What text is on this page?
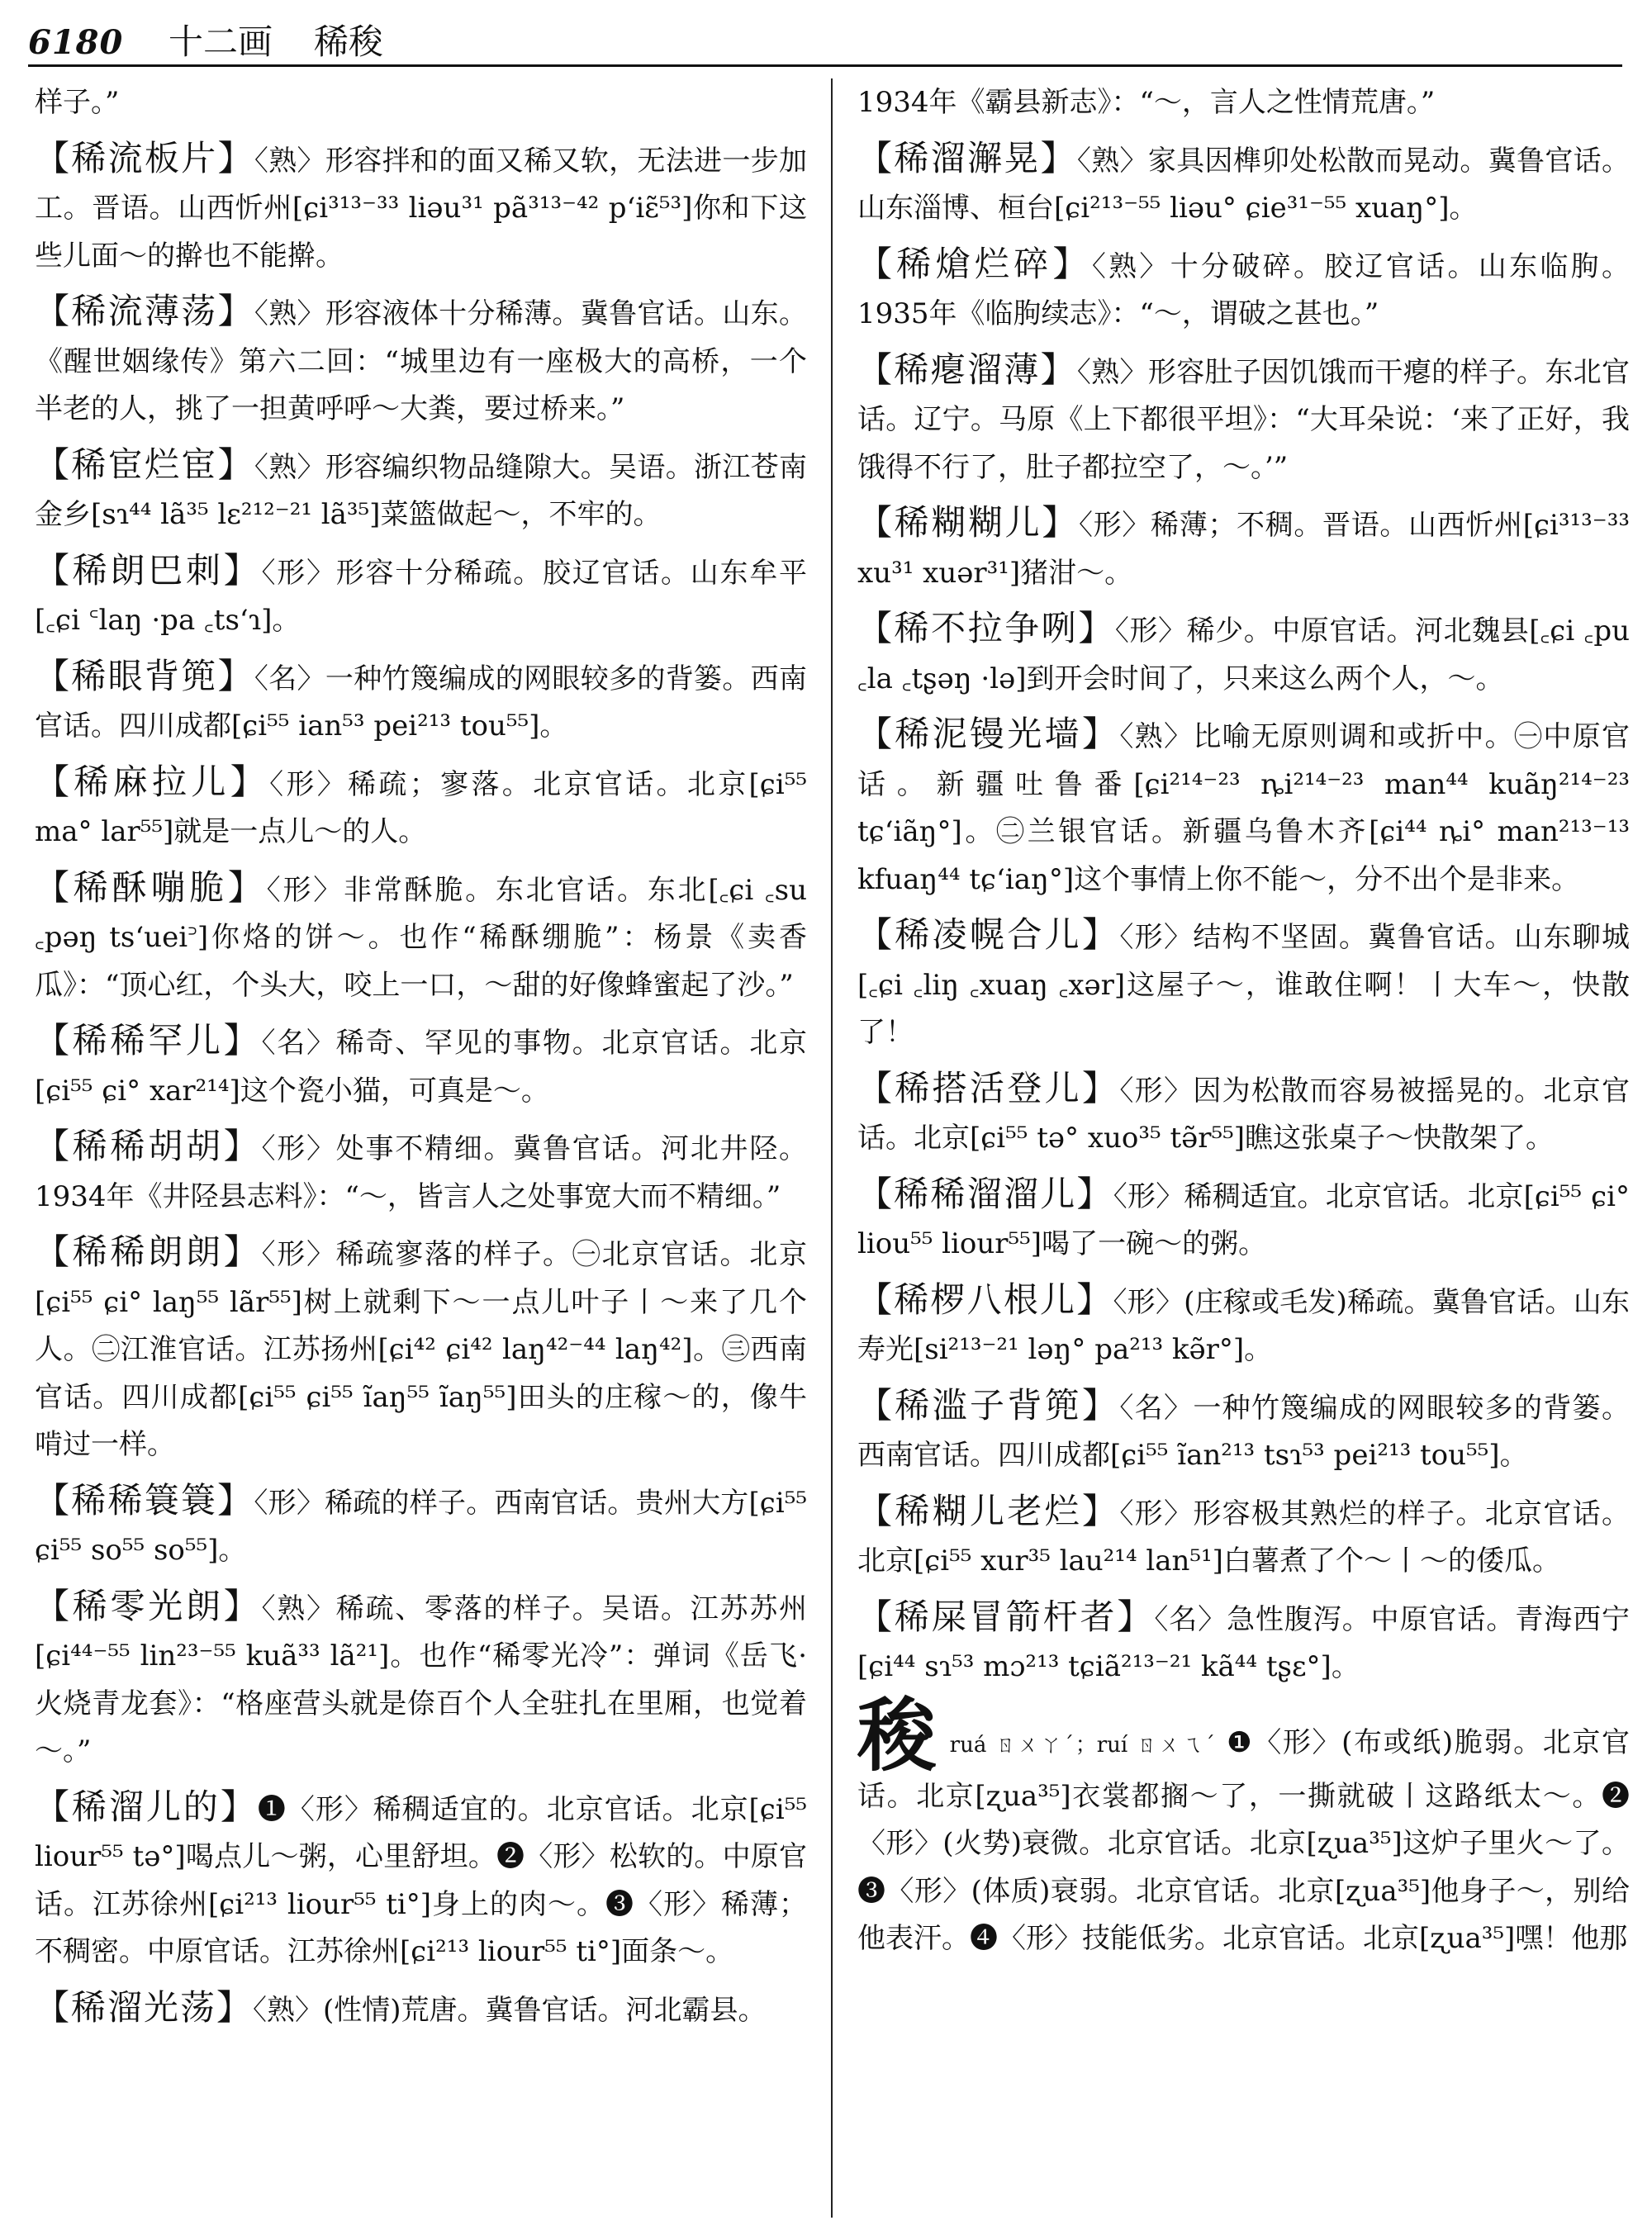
6180	十二画 稀稄
样子。”
【稀流板片】〈熟〉形容拌和的面又稀又软，无法进一步加工。晋语。山西忻州[ɕi³¹³⁻³³ liəu³¹ pã³¹³⁻⁴² p‘iɛ̃⁵³]你和下这些儿面～的擀也不能擀。
【稀流薄荡】〈熟〉形容液体十分稀薄。冀鲁官话。山东。《醒世姻缘传》第六二回：“城里边有一座极大的高桥，一个半老的人，挑了一担黄呼呼～大粪，要过桥来。”
【稀宦烂宦】〈熟〉形容编织物品缝隙大。吴语。浙江苍南金乡[sɿ⁴⁴ lã³⁵ lɛ²¹²⁻²¹ lã³⁵]菜篮做起～，不牢的。
【稀朗巴刺】〈形〉形容十分稀疏。胶辽官话。山东牟平[꜀ɕi ꜂laŋ ·pa ꜀ts‘ɿ]。
【稀眼背篼】〈名〉一种竹篾编成的网眼较多的背篓。西南官话。四川成都[ɕi⁵⁵ ian⁵³ pei²¹³ tou⁵⁵]。
【稀麻拉儿】〈形〉稀疏；寥落。北京官话。北京[ɕi⁵⁵ ma° lar⁵⁵]就是一点儿～的人。
【稀酥嘣脆】〈形〉非常酥脆。东北官话。东北[꜀ɕi ꜀su ꜀pəŋ ts‘uei꜄]你烙的饼～。也作“稀酥绷脆”：杨景《卖香瓜》：“顶心红，个头大，咬上一口，～甜的好像蜂蜜起了沙。”
【稀稀罕儿】〈名〉稀奇、罕见的事物。北京官话。北京[ɕi⁵⁵ ɕi° xar²¹⁴]这个瓷小猫，可真是～。
【稀稀胡胡】〈形〉处事不精细。冀鲁官话。河北井陉。1934年《井陉县志料》：“～，皆言人之处事宽大而不精细。”
【稀稀朗朗】〈形〉稀疏寥落的样子。㊀北京官话。北京[ɕi⁵⁵ ɕi° laŋ⁵⁵ lãr⁵⁵]树上就剩下～一点儿叶子丨～来了几个人。㊁江淮官话。江苏扬州[ɕi⁴² ɕi⁴² laŋ⁴²⁻⁴⁴ laŋ⁴²]。㊂西南官话。四川成都[ɕi⁵⁵ ɕi⁵⁵ ĩaŋ⁵⁵ ĩaŋ⁵⁵]田头的庄稼～的，像牛啃过一样。
【稀稀簑簑】〈形〉稀疏的样子。西南官话。贵州大方[ɕi⁵⁵ ɕi⁵⁵ so⁵⁵ so⁵⁵]。
【稀零光朗】〈熟〉稀疏、零落的样子。吴语。江苏苏州[ɕi⁴⁴⁻⁵⁵ lin²³⁻⁵⁵ kuã³³ lã²¹]。也作“稀零光冷”：弹词《岳飞·火烧青龙套》：“格座营头就是倷百个人全驻扎在里厢，也觉着～。”
【稀溜儿的】❶〈形〉稀稠适宜的。北京官话。北京[ɕi⁵⁵ liour⁵⁵ tə°]喝点儿～粥，心里舒坦。❷〈形〉松软的。中原官话。江苏徐州[ɕi²¹³ liour⁵⁵ ti°]身上的肉～。❸〈形〉稀薄；不稠密。中原官话。江苏徐州[ɕi²¹³ liour⁵⁵ ti°]面条～。
【稀溜光荡】〈熟〉(性情)荒唐。冀鲁官话。河北霸县。
1934年《霸县新志》：“～，言人之性情荒唐。”
【稀溜澥晃】〈熟〉家具因榫卯处松散而晃动。冀鲁官话。山东淄博、桓台[ɕi²¹³⁻⁵⁵ liəu° ɕie³¹⁻⁵⁵ xuaŋ°]。
【稀熗烂碎】〈熟〉十分破碎。胶辽官话。山东临朐。1935年《临朐续志》：“～，谓破之甚也。”
【稀瘪溜薄】〈熟〉形容肚子因饥饿而干瘪的样子。东北官话。辽宁。马原《上下都很平坦》：“大耳朵说：‘来了正好，我饿得不行了，肚子都拉空了，～。’”
【稀糊糊儿】〈形〉稀薄；不稠。晋语。山西忻州[ɕi³¹³⁻³³ xu³¹ xuər³¹]猪泔～。
【稀不拉争咧】〈形〉稀少。中原官话。河北魏县[꜀ɕi ꜀pu ꜀la ꜀tʂəŋ ·lə]到开会时间了，只来这么两个人，～。
【稀泥镘光墙】〈熟〉比喻无原则调和或折中。㊀中原官话。新疆吐鲁番[ɕi²¹⁴⁻²³ ȵi²¹⁴⁻²³ man⁴⁴ kuãŋ²¹⁴⁻²³ tɕ‘iãŋ°]。㊁兰银官话。新疆乌鲁木齐[ɕi⁴⁴ ȵi° man²¹³⁻¹³ kfuaŋ⁴⁴ tɕ‘iaŋ°]这个事情上你不能～，分不出个是非来。
【稀凌幌合儿】〈形〉结构不坚固。冀鲁官话。山东聊城[꜀ɕi ꜀liŋ ꜀xuaŋ ꜀xər]这屋子～，谁敢住啊！丨大车～，快散了！
【稀搭活登儿】〈形〉因为松散而容易被摇晃的。北京官话。北京[ɕi⁵⁵ tə° xuo³⁵ tə̃r⁵⁵]瞧这张桌子～快散架了。
【稀稀溜溜儿】〈形〉稀稠适宜。北京官话。北京[ɕi⁵⁵ ɕi° liou⁵⁵ liour⁵⁵]喝了一碗～的粥。
【稀椤八根儿】〈形〉(庄稼或毛发)稀疏。冀鲁官话。山东寿光[si²¹³⁻²¹ ləŋ° pa²¹³ kə̃r°]。
【稀滥子背篼】〈名〉一种竹篾编成的网眼较多的背篓。西南官话。四川成都[ɕi⁵⁵ ĩan²¹³ tsɿ⁵³ pei²¹³ tou⁵⁵]。
【稀糊儿老烂】〈形〉形容极其熟烂的样子。北京官话。北京[ɕi⁵⁵ xur³⁵ lau²¹⁴ lan⁵¹]白薯煮了个～丨～的倭瓜。
【稀屎冒箭杆者】〈名〉急性腹泻。中原官话。青海西宁[ɕi⁴⁴ sɿ⁵³ mɔ²¹³ tɕiã²¹³⁻²¹ kã⁴⁴ tʂɛ°]。
稄ruá ㄖㄨㄚˊ；ruí ㄖㄨㄟˊ ❶〈形〉(布或纸)脆弱。北京官话。北京[ʐua³⁵]衣裳都搁～了，一撕就破丨这路纸太～。❷〈形〉(火势)衰微。北京官话。北京[ʐua³⁵]这炉子里火～了。❸〈形〉(体质)衰弱。北京官话。北京[ʐua³⁵]他身子～，别给他表汗。❹〈形〉技能低劣。北京官话。北京[ʐua³⁵]嘿！他那
